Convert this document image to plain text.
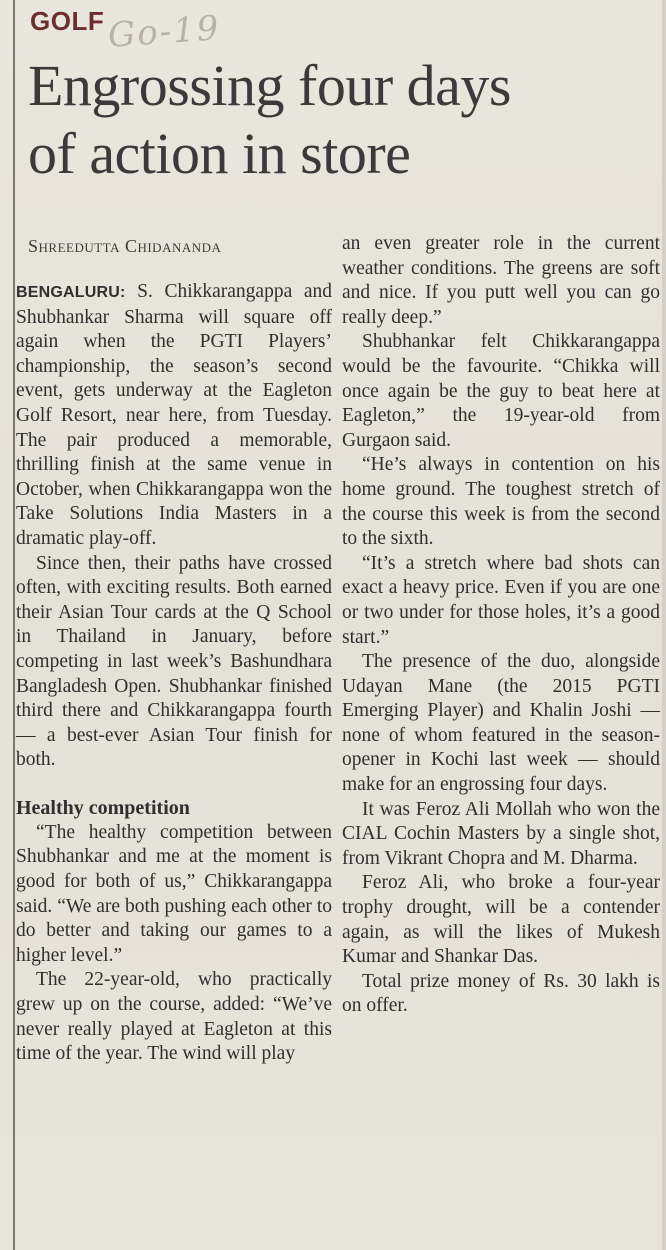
GOLF Go-19
Engrossing four days
of action in store
Shreedutta Chidananda

BENGALURU: S. Chikkarangappa and Shubhankar Sharma will square off again when the PGTI Players’ championship, the season’s second event, gets underway at the Eagleton Golf Resort, near here, from Tuesday. The pair produced a memorable, thrilling finish at the same venue in October, when Chikkarangappa won the Take Solutions India Masters in a dramatic play-off.

Since then, their paths have crossed often, with exciting results. Both earned their Asian Tour cards at the Q School in Thailand in January, before competing in last week’s Bashundhara Bangladesh Open. Shubhankar finished third there and Chikkarangappa fourth — a best-ever Asian Tour finish for both.

Healthy competition

“The healthy competition between Shubhankar and me at the moment is good for both of us,” Chikkarangappa said. “We are both pushing each other to do better and taking our games to a higher level.”

The 22-year-old, who practically grew up on the course, added: “We’ve never really played at Eagleton at this time of the year. The wind will play

an even greater role in the current weather conditions. The greens are soft and nice. If you putt well you can go really deep.”

Shubhankar felt Chikkarangappa would be the favourite. “Chikka will once again be the guy to beat here at Eagleton,” the 19-year-old from Gurgaon said.

“He’s always in contention on his home ground. The toughest stretch of the course this week is from the second to the sixth.

“It’s a stretch where bad shots can exact a heavy price. Even if you are one or two under for those holes, it’s a good start.”

The presence of the duo, alongside Udayan Mane (the 2015 PGTI Emerging Player) and Khalin Joshi — none of whom featured in the season-opener in Kochi last week — should make for an engrossing four days.

It was Feroz Ali Mollah who won the CIAL Cochin Masters by a single shot, from Vikrant Chopra and M. Dharma.

Feroz Ali, who broke a four-year trophy drought, will be a contender again, as will the likes of Mukesh Kumar and Shankar Das.

Total prize money of Rs. 30 lakh is on offer.
